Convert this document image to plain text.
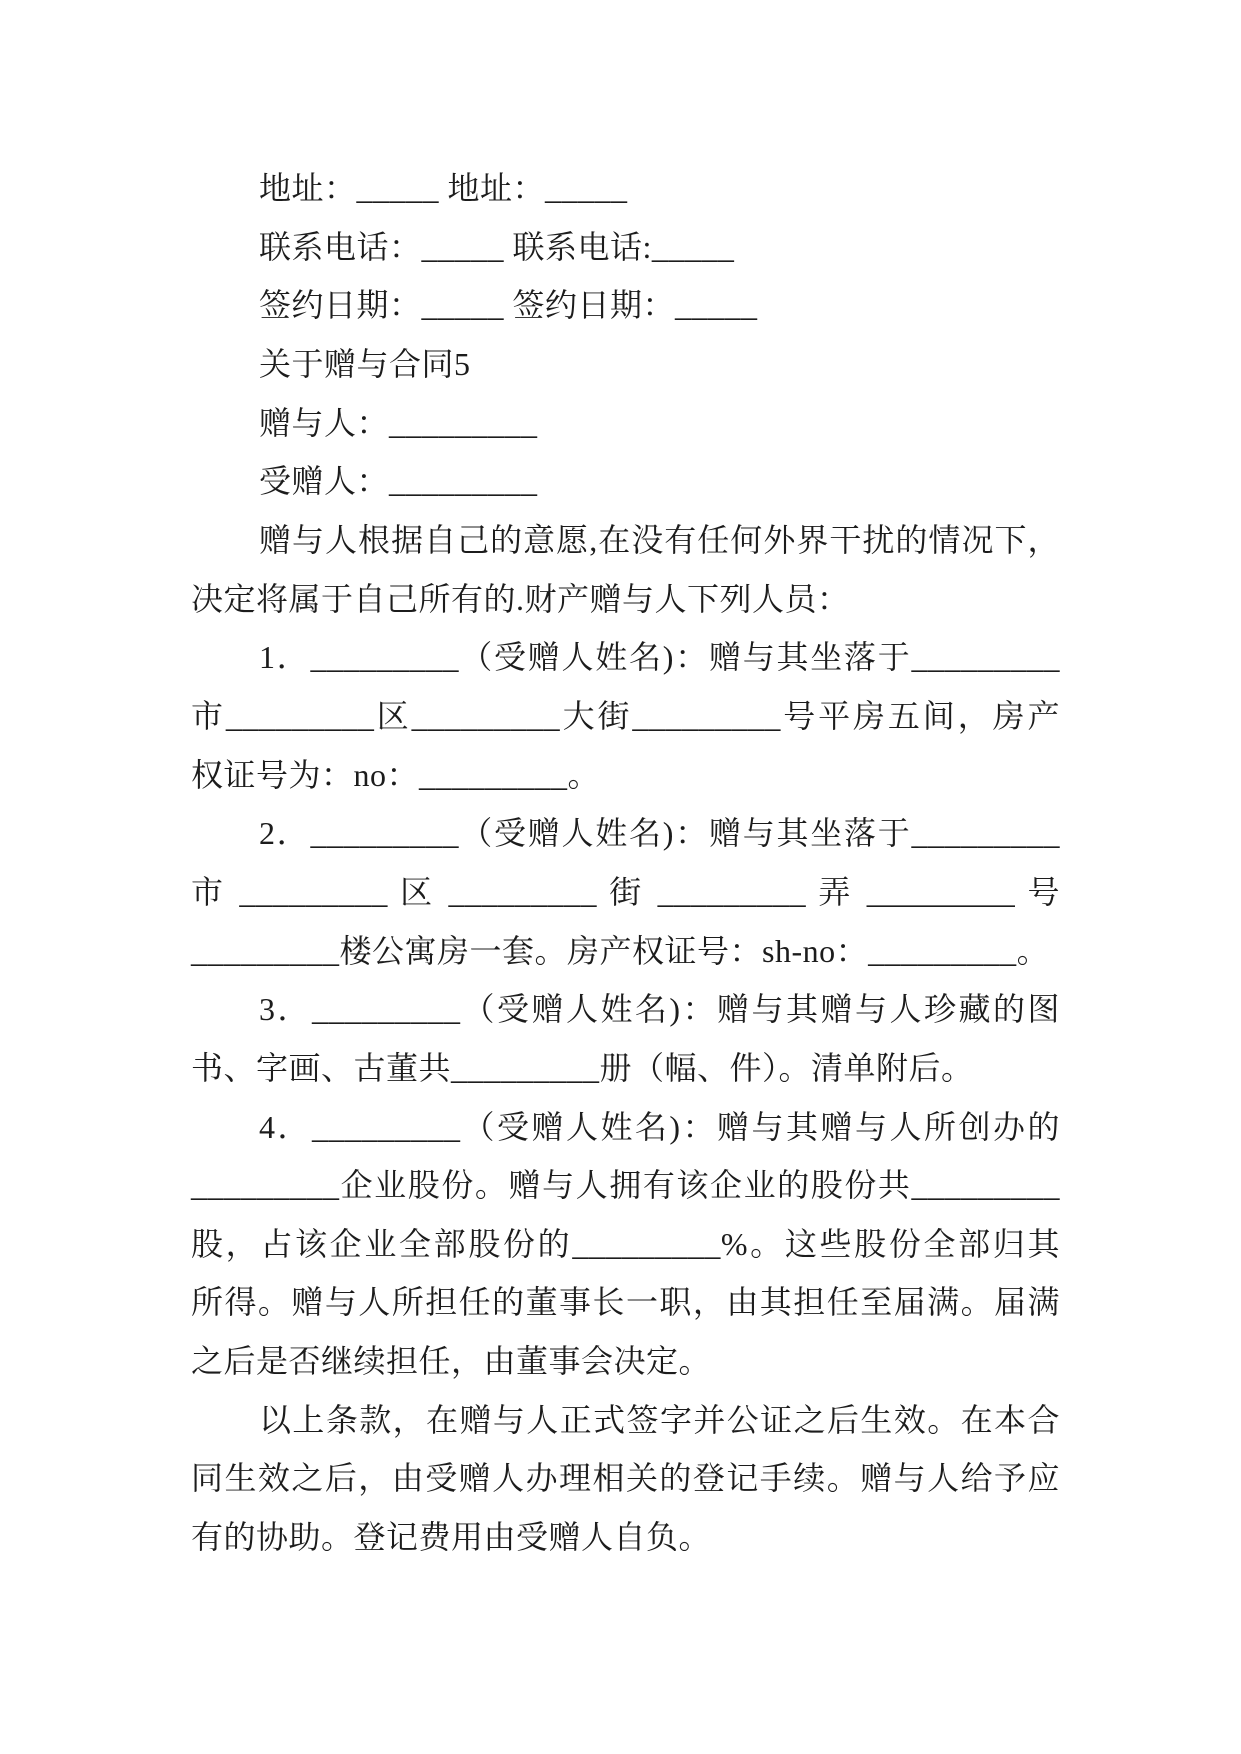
地址：_____ 地址：_____
联系电话：_____ 联系电话:_____
签约日期：_____ 签约日期：_____
关于赠与合同5
赠与人：_________
受赠人：_________
赠与人根据自己的意愿,在没有任何外界干扰的情况下，
决定将属于自己所有的.财产赠与人下列人员：
1．_________（受赠人姓名)：赠与其坐落于_________
市_________区_________大街_________号平房五间，房产
权证号为：no：_________。
2．_________（受赠人姓名)：赠与其坐落于_________
市 _________ 区 _________ 街 _________ 弄 _________ 号
_________楼公寓房一套。房产权证号：sh-no：_________。
3．_________（受赠人姓名)：赠与其赠与人珍藏的图
书、字画、古董共_________册（幅、件）。清单附后。
4．_________（受赠人姓名)：赠与其赠与人所创办的
_________企业股份。赠与人拥有该企业的股份共_________
股，占该企业全部股份的_________%。这些股份全部归其
所得。赠与人所担任的董事长一职，由其担任至届满。届满
之后是否继续担任，由董事会决定。
以上条款，在赠与人正式签字并公证之后生效。在本合
同生效之后，由受赠人办理相关的登记手续。赠与人给予应
有的协助。登记费用由受赠人自负。
